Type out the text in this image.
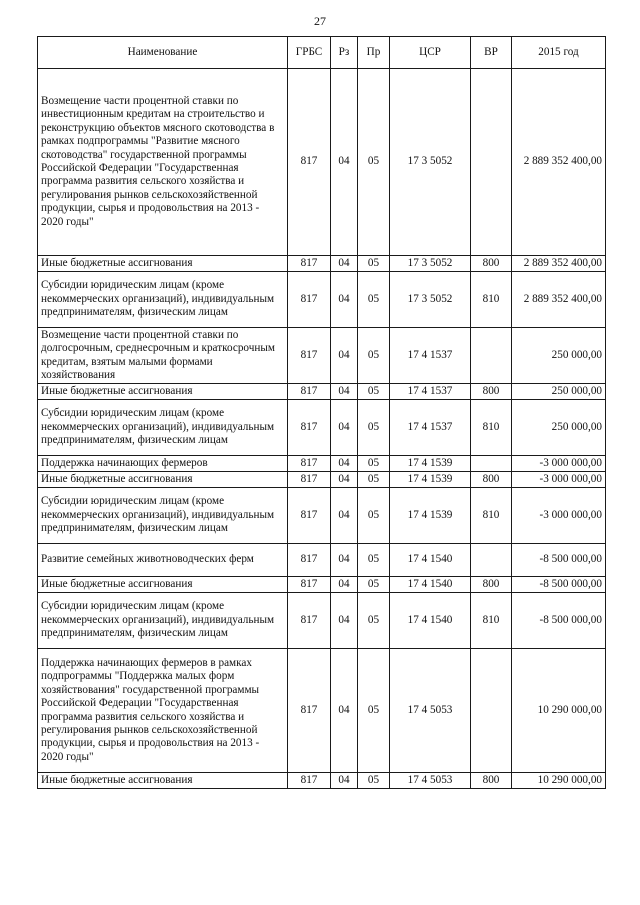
27
Наименование	ГРБС	Рз	Пр	ЦСР	ВР	2015 год
Возмещение части процентной ставки по инвестиционным кредитам на строительство и реконструкцию объектов мясного скотоводства в рамках подпрограммы "Развитие мясного скотоводства" государственной программы Российской Федерации "Государственная программа развития сельского хозяйства и регулирования рынков сельскохозяйственной продукции, сырья и продовольствия на 2013 - 2020 годы"	817	04	05	17 3 5052		2 889 352 400,00
Иные бюджетные ассигнования	817	04	05	17 3 5052	800	2 889 352 400,00
Субсидии юридическим лицам (кроме некоммерческих организаций), индивидуальным предпринимателям, физическим лицам	817	04	05	17 3 5052	810	2 889 352 400,00
Возмещение части процентной ставки по долгосрочным, среднесрочным и краткосрочным кредитам, взятым малыми формами хозяйствования	817	04	05	17 4 1537		250 000,00
Иные бюджетные ассигнования	817	04	05	17 4 1537	800	250 000,00
Субсидии юридическим лицам (кроме некоммерческих организаций), индивидуальным предпринимателям, физическим лицам	817	04	05	17 4 1537	810	250 000,00
Поддержка начинающих фермеров	817	04	05	17 4 1539		-3 000 000,00
Иные бюджетные ассигнования	817	04	05	17 4 1539	800	-3 000 000,00
Субсидии юридическим лицам (кроме некоммерческих организаций), индивидуальным предпринимателям, физическим лицам	817	04	05	17 4 1539	810	-3 000 000,00
Развитие семейных животноводческих ферм	817	04	05	17 4 1540		-8 500 000,00
Иные бюджетные ассигнования	817	04	05	17 4 1540	800	-8 500 000,00
Субсидии юридическим лицам (кроме некоммерческих организаций), индивидуальным предпринимателям, физическим лицам	817	04	05	17 4 1540	810	-8 500 000,00
Поддержка начинающих фермеров в рамках подпрограммы "Поддержка малых форм хозяйствования" государственной программы Российской Федерации "Государственная программа развития сельского хозяйства и регулирования рынков сельскохозяйственной продукции, сырья и продовольствия на 2013 - 2020 годы"	817	04	05	17 4 5053		10 290 000,00
Иные бюджетные ассигнования	817	04	05	17 4 5053	800	10 290 000,00
